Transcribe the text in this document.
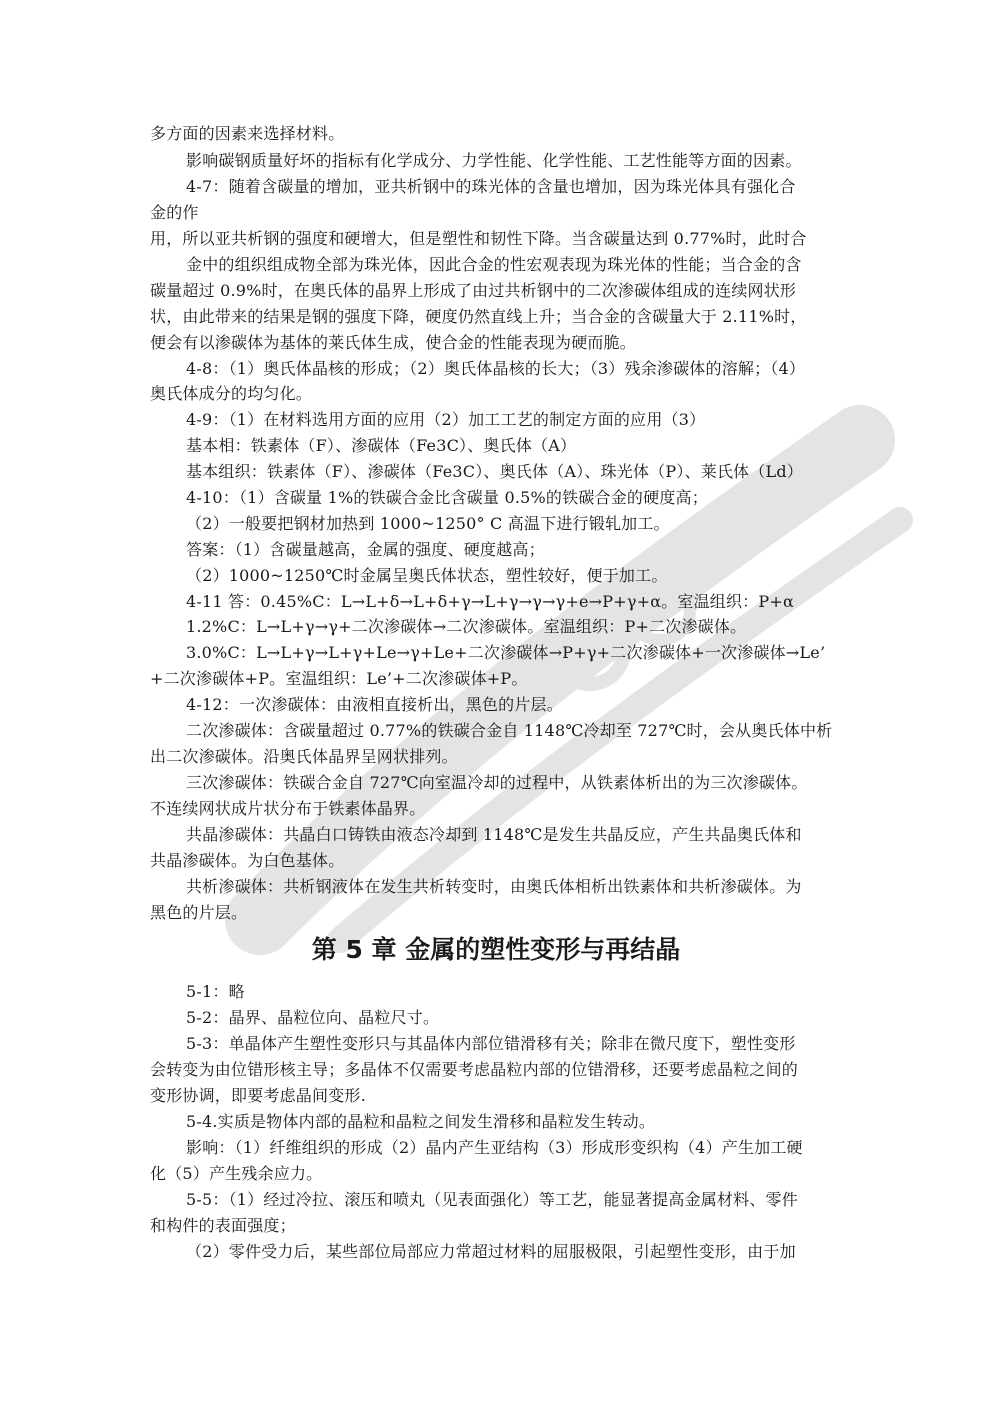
多方面的因素来选择材料。
影响碳钢质量好坏的指标有化学成分、力学性能、化学性能、工艺性能等方面的因素。
4-7：随着含碳量的增加，亚共析钢中的珠光体的含量也增加，因为珠光体具有强化合
金的作
用，所以亚共析钢的强度和硬增大，但是塑性和韧性下降。当含碳量达到 0.77%时，此时合
金中的组织组成物全部为珠光体，因此合金的性宏观表现为珠光体的性能；当合金的含
碳量超过 0.9%时，在奥氏体的晶界上形成了由过共析钢中的二次渗碳体组成的连续网状形
状，由此带来的结果是钢的强度下降，硬度仍然直线上升；当合金的含碳量大于 2.11%时，
便会有以渗碳体为基体的莱氏体生成，使合金的性能表现为硬而脆。
4-8：（1）奥氏体晶核的形成；（2）奥氏体晶核的长大；（3）残余渗碳体的溶解；（4）
奥氏体成分的均匀化。
4-9：（1）在材料选用方面的应用（2）加工工艺的制定方面的应用（3）
基本相：铁素体（F）、渗碳体（Fe3C）、奥氏体（A）
基本组织：铁素体（F）、渗碳体（Fe3C）、奥氏体（A）、珠光体（P）、莱氏体（Ld）
4-10：（1）含碳量 1%的铁碳合金比含碳量 0.5%的铁碳合金的硬度高；
（2）一般要把钢材加热到 1000~1250° C 高温下进行锻轧加工。
答案：（1）含碳量越高，金属的强度、硬度越高；
（2）1000~1250℃时金属呈奥氏体状态，塑性较好，便于加工。
4-11 答：0.45%C：L→L+δ→L+δ+γ→L+γ→γ→γ+e→P+γ+α。室温组织：P+α
1.2%C：L→L+γ→γ+二次渗碳体→二次渗碳体。室温组织：P+二次渗碳体。
3.0%C：L→L+γ→L+γ+Le→γ+Le+二次渗碳体→P+γ+二次渗碳体+一次渗碳体→Le’
+二次渗碳体+P。室温组织：Le’+二次渗碳体+P。
4-12：一次渗碳体：由液相直接析出，黑色的片层。
二次渗碳体：含碳量超过 0.77%的铁碳合金自 1148℃冷却至 727℃时，会从奥氏体中析
出二次渗碳体。沿奥氏体晶界呈网状排列。
三次渗碳体：铁碳合金自 727℃向室温冷却的过程中，从铁素体析出的为三次渗碳体。
不连续网状成片状分布于铁素体晶界。
共晶渗碳体：共晶白口铸铁由液态冷却到 1148℃是发生共晶反应，产生共晶奥氏体和
共晶渗碳体。为白色基体。
共析渗碳体：共析钢液体在发生共析转变时，由奥氏体相析出铁素体和共析渗碳体。为
黑色的片层。
第 5 章 金属的塑性变形与再结晶
5-1：略
5-2：晶界、晶粒位向、晶粒尺寸。
5-3：单晶体产生塑性变形只与其晶体内部位错滑移有关；除非在微尺度下，塑性变形
会转变为由位错形核主导；多晶体不仅需要考虑晶粒内部的位错滑移，还要考虑晶粒之间的
变形协调，即要考虑晶间变形.
5-4.实质是物体内部的晶粒和晶粒之间发生滑移和晶粒发生转动。
影响：（1）纤维组织的形成（2）晶内产生亚结构（3）形成形变织构（4）产生加工硬
化（5）产生残余应力。
5-5：（1）经过冷拉、滚压和喷丸（见表面强化）等工艺，能显著提高金属材料、零件
和构件的表面强度；
（2）零件受力后，某些部位局部应力常超过材料的屈服极限，引起塑性变形，由于加
